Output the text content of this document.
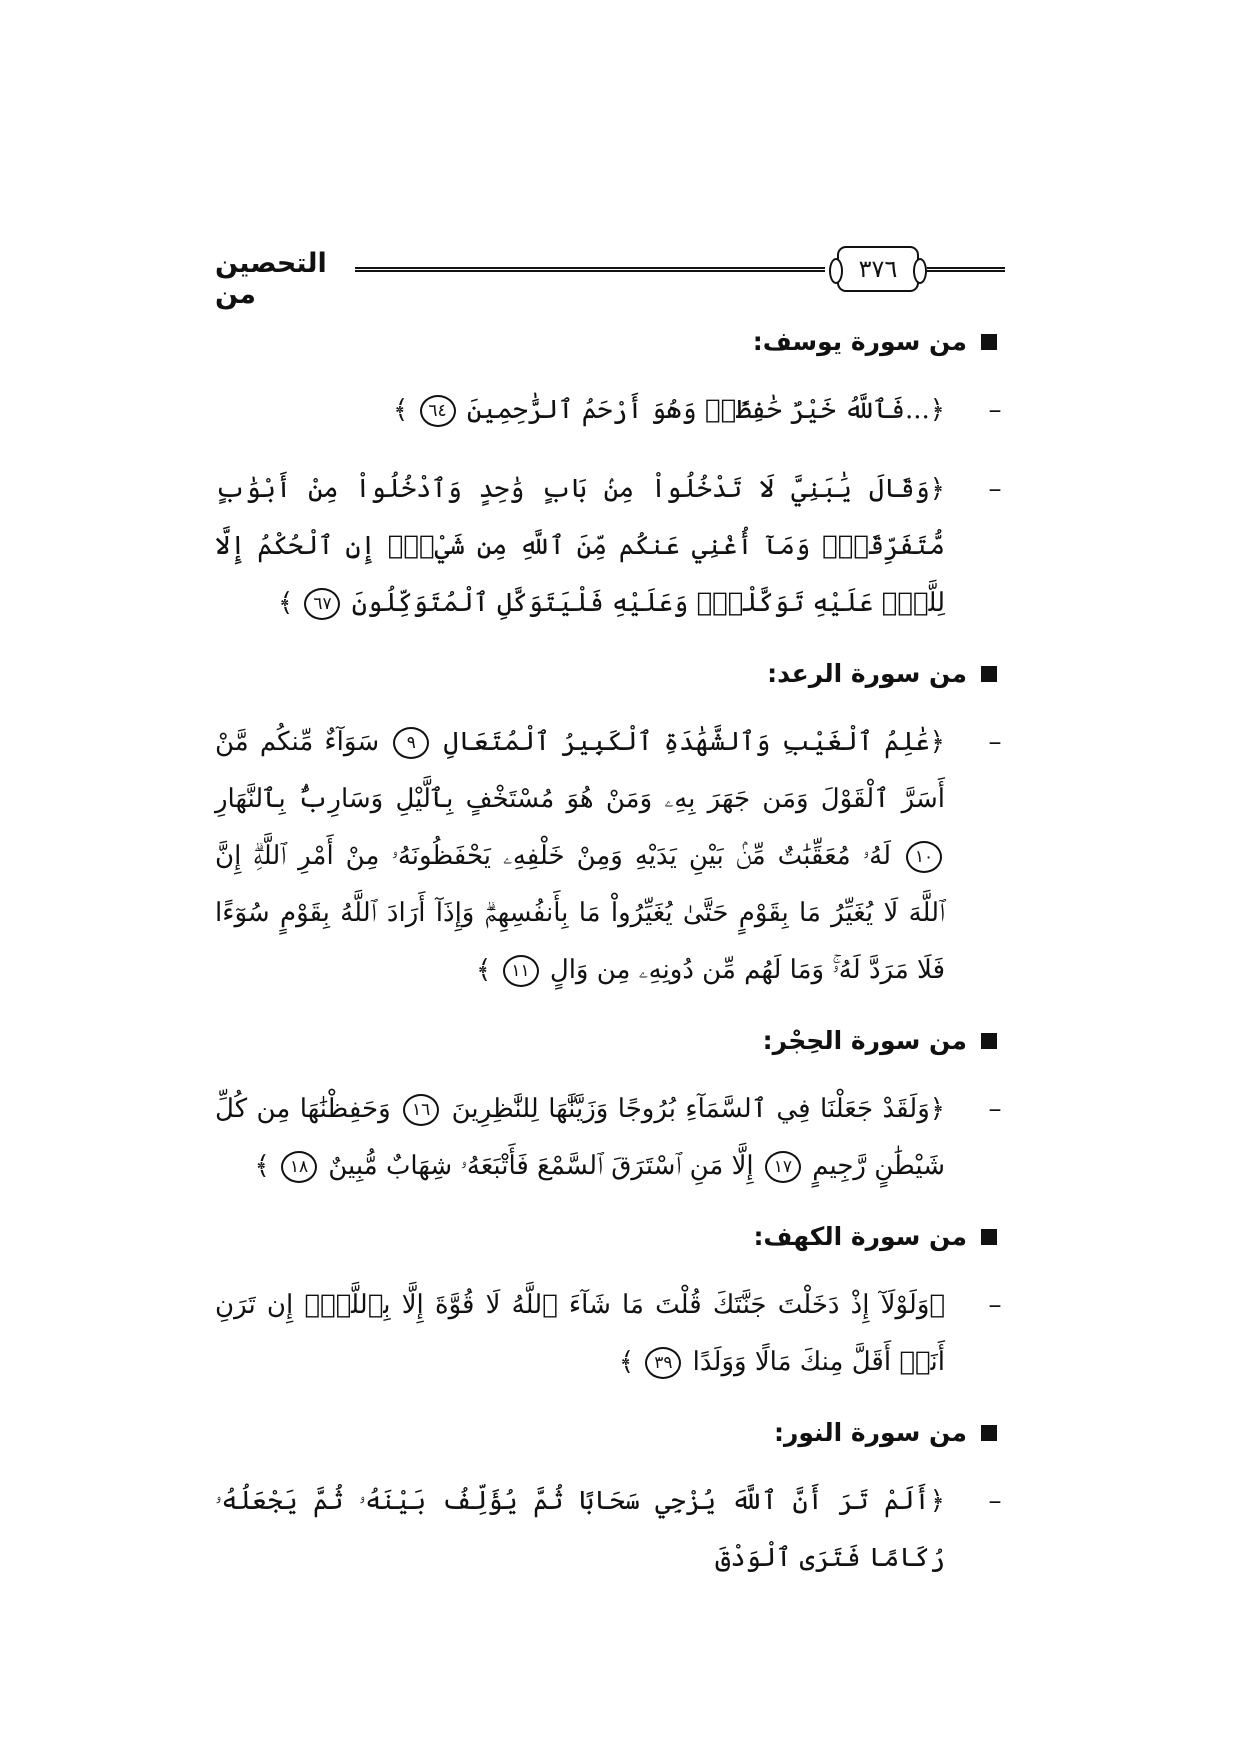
التحصين من
٣٧٦
من سورة يوسف:
–
﴿...فَٱللَّهُ خَيْرٌ حَٰفِظًاۖ وَهُوَ أَرْحَمُ ٱلرَّٰحِمِينَ ٦٤ ﴾
–
﴿وَقَالَ يَٰبَنِيَّ لَا تَدْخُلُواْ مِنۢ بَابٍ وَٰحِدٍ وَٱدْخُلُواْ مِنْ أَبْوَٰبٍ مُّتَفَرِّقَةٍۖ وَمَآ أُغْنِي عَنكُم مِّنَ ٱللَّهِ مِن شَيْءٍۖ إِنِ ٱلْحُكْمُ إِلَّا لِلَّهِۖ عَلَيْهِ تَوَكَّلْتُۖ وَعَلَيْهِ فَلْيَتَوَكَّلِ ٱلْمُتَوَكِّلُونَ ٦٧ ﴾
من سورة الرعد:
–
﴿عَٰلِمُ ٱلْغَيْبِ وَٱلشَّهَٰدَةِ ٱلْكَبِيرُ ٱلْمُتَعَالِ ٩ سَوَآءٌ مِّنكُم مَّنْ أَسَرَّ ٱلْقَوْلَ وَمَن جَهَرَ بِهِۦ وَمَنْ هُوَ مُسْتَخْفٍ بِٱلَّيْلِ وَسَارِبٌۢ بِٱلنَّهَارِ ١٠ لَهُۥ مُعَقِّبَٰتٌ مِّنۢ بَيْنِ يَدَيْهِ وَمِنْ خَلْفِهِۦ يَحْفَظُونَهُۥ مِنْ أَمْرِ ٱللَّهِۗ إِنَّ ٱللَّهَ لَا يُغَيِّرُ مَا بِقَوْمٍ حَتَّىٰ يُغَيِّرُواْ مَا بِأَنفُسِهِمْۗ وَإِذَآ أَرَادَ ٱللَّهُ بِقَوْمٍ سُوٓءًا فَلَا مَرَدَّ لَهُۥۚ وَمَا لَهُم مِّن دُونِهِۦ مِن وَالٍ ١١ ﴾
من سورة الحِجْر:
–
﴿وَلَقَدْ جَعَلْنَا فِي ٱلسَّمَآءِ بُرُوجًا وَزَيَّنَّٰهَا لِلنَّٰظِرِينَ ١٦ وَحَفِظْنَٰهَا مِن كُلِّ شَيْطَٰنٍ رَّجِيمٍ ١٧ إِلَّا مَنِ ٱسْتَرَقَ ٱلسَّمْعَ فَأَتْبَعَهُۥ شِهَابٌ مُّبِينٌ ١٨ ﴾
من سورة الكهف:
–
﴿وَلَوْلَآ إِذْ دَخَلْتَ جَنَّتَكَ قُلْتَ مَا شَآءَ ٱللَّهُ لَا قُوَّةَ إِلَّا بِٱللَّهِۚ إِن تَرَنِ أَنَا۠ أَقَلَّ مِنكَ مَالًا وَوَلَدًا ٣٩ ﴾
من سورة النور:
–
﴿أَلَمْ تَرَ أَنَّ ٱللَّهَ يُزْجِي سَحَابًا ثُمَّ يُؤَلِّفُ بَيْنَهُۥ ثُمَّ يَجْعَلُهُۥ رُكَامًا فَتَرَى ٱلْوَدْقَ
